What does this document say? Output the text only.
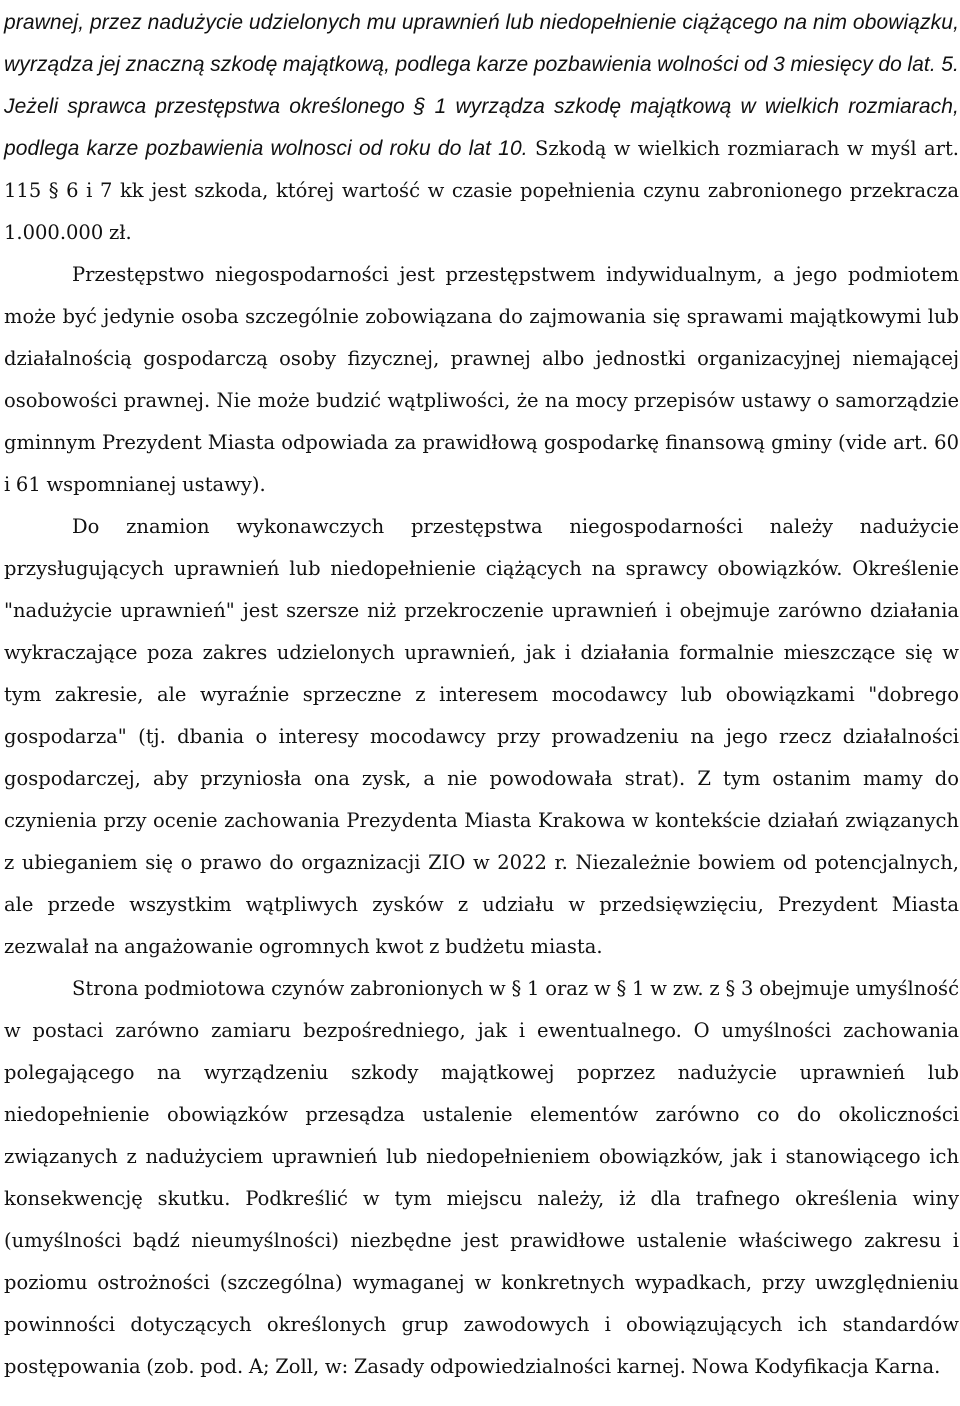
prawnej, przez nadużycie udzielonych mu uprawnień lub niedopełnienie ciążącego na nim obowiązku, wyrządza jej znaczną szkodę majątkową, podlega karze pozbawienia wolności od 3 miesięcy do lat. 5. Jeżeli sprawca przestępstwa określonego § 1 wyrządza szkodę majątkową w wielkich rozmiarach, podlega karze pozbawienia wolnosci od roku do lat 10. Szkodą w wielkich rozmiarach w myśl art. 115 § 6 i 7 kk jest szkoda, której wartość w czasie popełnienia czynu zabronionego przekracza 1.000.000 zł.

Przestępstwo niegospodarności jest przestępstwem indywidualnym, a jego podmiotem może być jedynie osoba szczególnie zobowiązana do zajmowania się sprawami majątkowymi lub działalnością gospodarczą osoby fizycznej, prawnej albo jednostki organizacyjnej niemającej osobowości prawnej. Nie może budzić wątpliwości, że na mocy przepisów ustawy o samorządzie gminnym Prezydent Miasta odpowiada za prawidłową gospodarkę finansową gminy (vide art. 60 i 61 wspomnianej ustawy).

Do znamion wykonawczych przestępstwa niegospodarności należy nadużycie przysługujących uprawnień lub niedopełnienie ciążących na sprawcy obowiązków. Określenie "nadużycie uprawnień" jest szersze niż przekroczenie uprawnień i obejmuje zarówno działania wykraczające poza zakres udzielonych uprawnień, jak i działania formalnie mieszczące się w tym zakresie, ale wyraźnie sprzeczne z interesem mocodawcy lub obowiązkami "dobrego gospodarza" (tj. dbania o interesy mocodawcy przy prowadzeniu na jego rzecz działalności gospodarczej, aby przyniosła ona zysk, a nie powodowała strat). Z tym ostanim mamy do czynienia przy ocenie zachowania Prezydenta Miasta Krakowa w kontekście działań związanych z ubieganiem się o prawo do orgaznizacji ZIO w 2022 r. Niezależnie bowiem od potencjalnych, ale przede wszystkim wątpliwych zysków z udziału w przedsięwzięciu, Prezydent Miasta zezwalał na angażowanie ogromnych kwot z budżetu miasta.

Strona podmiotowa czynów zabronionych w § 1 oraz w § 1 w zw. z § 3 obejmuje umyślność w postaci zarówno zamiaru bezpośredniego, jak i ewentualnego. O umyślności zachowania polegającego na wyrządzeniu szkody majątkowej poprzez nadużycie uprawnień lub niedopełnienie obowiązków przesądza ustalenie elementów zarówno co do okoliczności związanych z nadużyciem uprawnień lub niedopełnieniem obowiązków, jak i stanowiącego ich konsekwencję skutku. Podkreślić w tym miejscu należy, iż dla trafnego określenia winy (umyślności bądź nieumyślności) niezbędne jest prawidłowe ustalenie właściwego zakresu i poziomu ostrożności (szczególna) wymaganej w konkretnych wypadkach, przy uwzględnieniu powinności dotyczących określonych grup zawodowych i obowiązujących ich standardów postępowania (zob. pod. A; Zoll, w: Zasady odpowiedzialności karnej. Nowa Kodyfikacja Karna.
